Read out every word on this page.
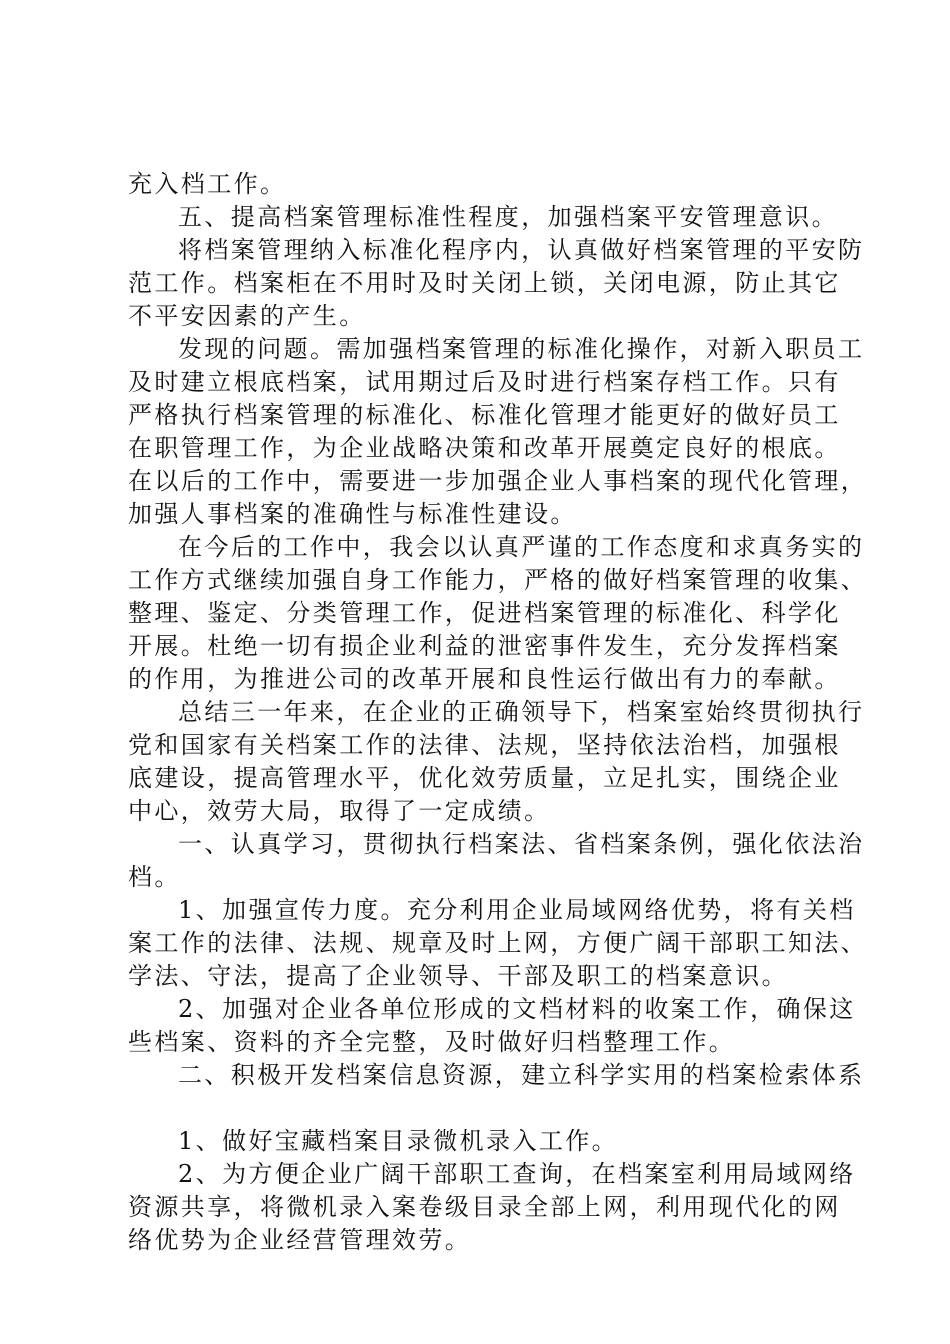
充入档工作。
五、提高档案管理标准性程度，加强档案平安管理意识。
将档案管理纳入标准化程序内，认真做好档案管理的平安防
范工作。档案柜在不用时及时关闭上锁，关闭电源，防止其它
不平安因素的产生。
发现的问题。需加强档案管理的标准化操作，对新入职员工
及时建立根底档案，试用期过后及时进行档案存档工作。只有
严格执行档案管理的标准化、标准化管理才能更好的做好员工
在职管理工作，为企业战略决策和改革开展奠定良好的根底。
在以后的工作中，需要进一步加强企业人事档案的现代化管理，
加强人事档案的准确性与标准性建设。
在今后的工作中，我会以认真严谨的工作态度和求真务实的
工作方式继续加强自身工作能力，严格的做好档案管理的收集、
整理、鉴定、分类管理工作，促进档案管理的标准化、科学化
开展。杜绝一切有损企业利益的泄密事件发生，充分发挥档案
的作用，为推进公司的改革开展和良性运行做出有力的奉献。
总结三一年来，在企业的正确领导下，档案室始终贯彻执行
党和国家有关档案工作的法律、法规，坚持依法治档，加强根
底建设，提高管理水平，优化效劳质量，立足扎实，围绕企业
中心，效劳大局，取得了一定成绩。
一、认真学习，贯彻执行档案法、省档案条例，强化依法治
档。
1、加强宣传力度。充分利用企业局域网络优势，将有关档
案工作的法律、法规、规章及时上网，方便广阔干部职工知法、
学法、守法，提高了企业领导、干部及职工的档案意识。
2、加强对企业各单位形成的文档材料的收案工作，确保这
些档案、资料的齐全完整，及时做好归档整理工作。
二、积极开发档案信息资源，建立科学实用的档案检索体系
1、做好宝藏档案目录微机录入工作。
2、为方便企业广阔干部职工查询，在档案室利用局域网络
资源共享，将微机录入案卷级目录全部上网，利用现代化的网
络优势为企业经营管理效劳。
